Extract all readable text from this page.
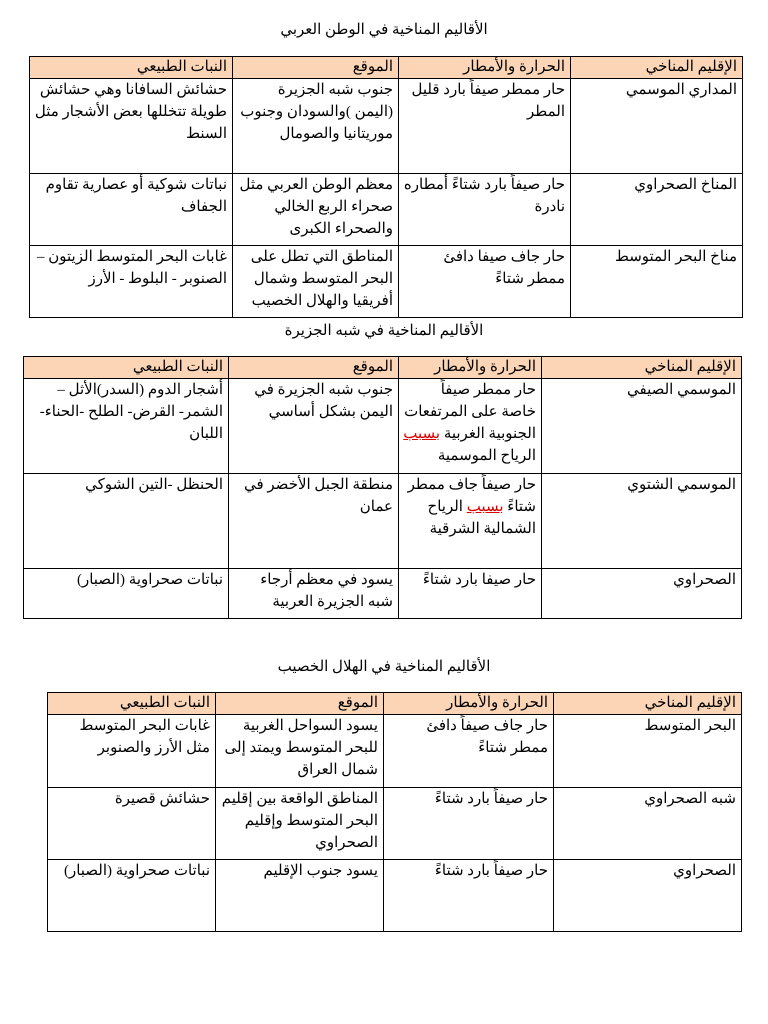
الأقاليم المناخية في الوطن العربي
الإقليم المناخي	الحرارة والأمطار	الموقع	النبات الطبيعي
المداري الموسمي	حار ممطر صيفاً بارد قليل المطر	جنوب شبه الجزيرة (اليمن )والسودان وجنوب موريتانيا والصومال	حشائش السافانا وهي حشائش طويلة تتخللها بعض الأشجار مثل السنط
المناخ الصحراوي	حار صيفاً بارد شتاءً أمطاره نادرة	معظم الوطن العربي مثل صحراء الربع الخالي والصحراء الكبرى	نباتات شوكية أو عصارية تقاوم الجفاف
مناخ البحر المتوسط	حار جاف صيفا دافئ ممطر شتاءً	المناطق التي تطل على البحر المتوسط وشمال أفريقيا والهلال الخصيب	غابات البحر المتوسط الزيتون – الصنوبر - البلوط - الأرز
الأقاليم المناخية في شبه الجزيرة
الإقليم المناخي	الحرارة والأمطار	الموقع	النبات الطبيعي
الموسمي الصيفي	حار ممطر صيفاً خاصة على المرتفعات الجنوبية الغربية بسبب الرياح الموسمية	جنوب شبه الجزيرة في اليمن بشكل أساسي	أشجار الدوم (السدر)الأثل – الشمر- القرض- الطلح -الحناء- اللبان
الموسمي الشتوي	حار صيفاً جاف ممطر شتاءً بسبب الرياح الشمالية الشرقية	منطقة الجبل الأخضر في عمان	الحنظل -التين الشوكي
الصحراوي	حار صيفا بارد شتاءً	يسود في معظم أرجاء شبه الجزيرة العربية	نباتات صحراوية (الصبار)
الأقاليم المناخية في الهلال الخصيب
الإقليم المناخي	الحرارة والأمطار	الموقع	النبات الطبيعي
البحر المتوسط	حار جاف صيفاً دافئ ممطر شتاءً	يسود السواحل الغربية للبحر المتوسط ويمتد إلى شمال العراق	غابات البحر المتوسط مثل الأرز والصنوبر
شبه الصحراوي	حار صيفاً بارد شتاءً	المناطق الواقعة بين إقليم البحر المتوسط وإقليم الصحراوي	حشائش قصيرة
الصحراوي	حار صيفاً بارد شتاءً	يسود جنوب الإقليم	نباتات صحراوية (الصبار)
